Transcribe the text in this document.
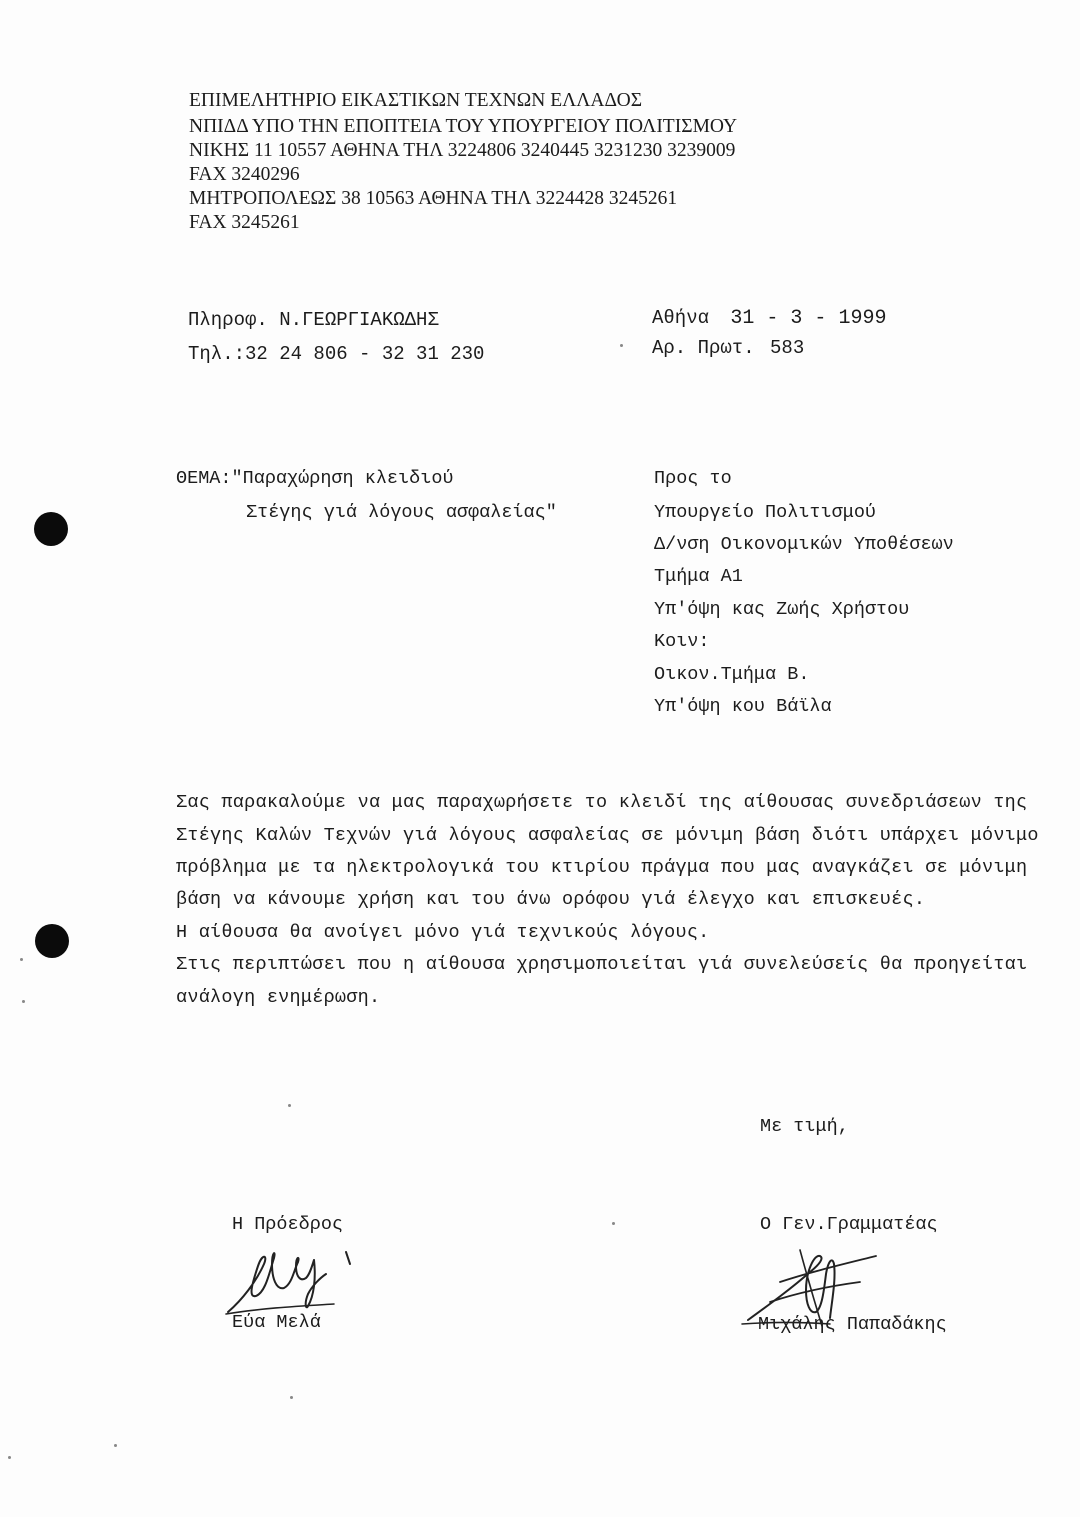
ΕΠΙΜΕΛΗΤΗΡΙΟ ΕΙΚΑΣΤΙΚΩΝ ΤΕΧΝΩΝ ΕΛΛΑΔΟΣ
ΝΠΙΔΔ ΥΠΟ ΤΗΝ ΕΠΟΠΤΕΙΑ ΤΟΥ ΥΠΟΥΡΓΕΙΟΥ ΠΟΛΙΤΙΣΜΟΥ
ΝΙΚΗΣ 11 10557 ΑΘΗΝΑ ΤΗΛ 3224806 3240445 3231230 3239009
FAX 3240296
ΜΗΤΡΟΠΟΛΕΩΣ 38 10563 ΑΘΗΝΑ ΤΗΛ 3224428 3245261
FAX 3245261
Πληροφ. Ν.ΓΕΩΡΓΙΑΚΩΔΗΣ
Τηλ.:32 24 806 - 32 31 230
Αθήνα 31 - 3 - 1999
Αρ. Πρωτ. 583
ΘΕΜΑ:"Παραχώρηση κλειδιού
Στέγης γιά λόγους ασφαλείας"
Προς το
Υπουργείο Πολιτισμού
Δ/νση Οικονομικών Υποθέσεων
Τμήμα Α1
Υπ'όψη κας Ζωής Χρήστου
Κοιν:
Οικον.Τμήμα Β.
Υπ'όψη κου Βάϊλα
Σας παρακαλούμε να μας παραχωρήσετε το κλειδί της αίθουσας συνεδριάσεων της
Στέγης Καλών Τεχνών γιά λόγους ασφαλείας σε μόνιμη βάση διότι υπάρχει μόνιμο
πρόβλημα με τα ηλεκτρολογικά του κτιρίου πράγμα που μας αναγκάζει σε μόνιμη
βάση να κάνουμε χρήση και του άνω ορόφου γιά έλεγχο και επισκευές.
Η αίθουσα θα ανοίγει μόνο γιά τεχνικούς λόγους.
Στις περιπτώσει που η αίθουσα χρησιμοποιείται γιά συνελεύσείς θα προηγείται
ανάλογη ενημέρωση.
Με τιμή,
Η Πρόεδρος
Εύα Μελά
Ο Γεν.Γραμματέας
Μιχάλης Παπαδάκης
